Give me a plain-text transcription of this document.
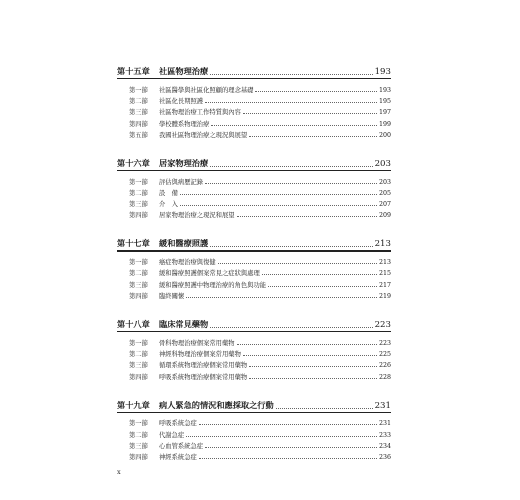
第十五章	社區物理治療	193
第一節	社區醫學與社區化照顧的理念基礎	193
第二節	社區化長期照護	195
第三節	社區物理治療工作特質與內容	197
第四節	學校體系物理治療	199
第五節	我國社區物理治療之現況與展望	200
第十六章	居家物理治療	203
第一節	評估與病歷記錄	203
第二節	設　備	205
第三節	介　入	207
第四節	居家物理治療之現況和展望	209
第十七章	緩和醫療照護	213
第一節	癌症物理治療與復健	213
第二節	緩和醫療照護個案常見之症狀與處理	215
第三節	緩和醫療照護中物理治療的角色與功能	217
第四節	臨終關懷	219
第十八章	臨床常見藥物	223
第一節	骨科物理治療個案常用藥物	223
第二節	神經科物理治療個案常用藥物	225
第三節	循環系統物理治療個案常用藥物	226
第四節	呼吸系統物理治療個案常用藥物	228
第十九章	病人緊急的情況和應採取之行動	231
第一節	呼吸系統急症	231
第二節	代謝急症	233
第三節	心血管系統急症	234
第四節	神經系統急症	236
x
